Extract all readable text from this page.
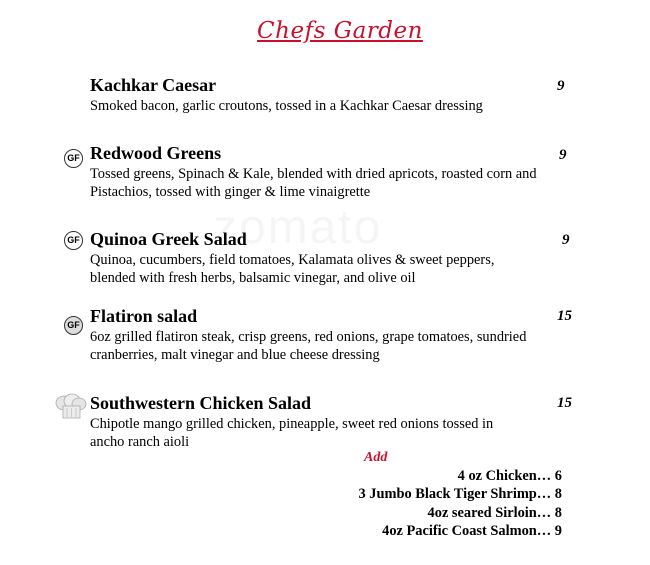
Chefs Garden
Kachkar Caesar	9
Smoked bacon, garlic croutons, tossed in a Kachkar Caesar dressing
GF Redwood Greens	9
Tossed greens, Spinach & Kale, blended with dried apricots, roasted corn and Pistachios, tossed with ginger & lime vinaigrette
GF Quinoa Greek Salad	9
Quinoa, cucumbers, field tomatoes, Kalamata olives & sweet peppers, blended with fresh herbs, balsamic vinegar, and olive oil
GF Flatiron salad	15
6oz grilled flatiron steak, crisp greens, red onions, grape tomatoes, sundried cranberries, malt vinegar and blue cheese dressing
Southwestern Chicken Salad	15
Chipotle mango grilled chicken, pineapple, sweet red onions tossed in ancho ranch aioli
Add
4 oz Chicken… 6
3 Jumbo Black Tiger Shrimp… 8
4oz seared Sirloin… 8
4oz Pacific Coast Salmon… 9
